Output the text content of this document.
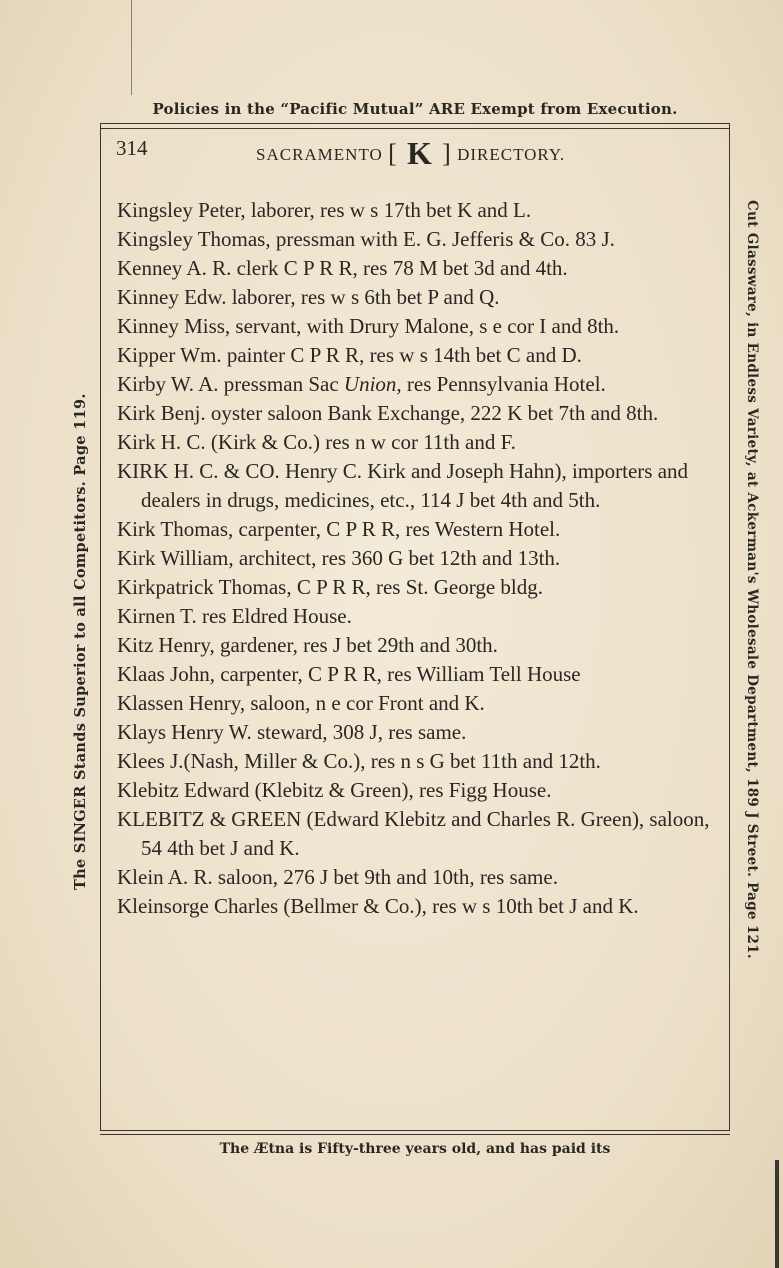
Policies in the “Pacific Mutual” ARE Exempt from Execution.
314	SACRAMENTO [ K ] DIRECTORY.

Kingsley Peter, laborer, res w s 17th bet K and L.

Kingsley Thomas, pressman with E. G. Jefferis & Co. 83 J.

Kenney A. R. clerk C P R R, res 78 M bet 3d and 4th.

Kinney Edw. laborer, res w s 6th bet P and Q.

Kinney Miss, servant, with Drury Malone, s e cor I and 8th.

Kipper Wm. painter C P R R, res w s 14th bet C and D.

Kirby W. A. pressman Sac Union, res Pennsylvania Hotel.

Kirk Benj. oyster saloon Bank Exchange, 222 K bet 7th and 8th.

Kirk H. C. (Kirk & Co.) res n w cor 11th and F.

KIRK H. C. & CO. Henry C. Kirk and Joseph Hahn), importers and dealers in drugs, medicines, etc., 114 J bet 4th and 5th.

Kirk Thomas, carpenter, C P R R, res Western Hotel.

Kirk William, architect, res 360 G bet 12th and 13th.

Kirkpatrick Thomas, C P R R, res St. George bldg.

Kirnen T. res Eldred House.

Kitz Henry, gardener, res J bet 29th and 30th.

Klaas John, carpenter, C P R R, res William Tell House

Klassen Henry, saloon, n e cor Front and K.

Klays Henry W. steward, 308 J, res same.

Klees J.(Nash, Miller & Co.), res n s G bet 11th and 12th.

Klebitz Edward (Klebitz & Green), res Figg House.

KLEBITZ & GREEN (Edward Klebitz and Charles R. Green), saloon, 54 4th bet J and K.

Klein A. R. saloon, 276 J bet 9th and 10th, res same.

Kleinsorge Charles (Bellmer & Co.), res w s 10th bet J and K.

The SINGER Stands Superior to all Competitors. Page 119.	Cut Glassware, in Endless Variety, at Ackerman's Wholesale Department, 189 J Street. Page 121.
The Ætna is Fifty-three years old, and has paid its
